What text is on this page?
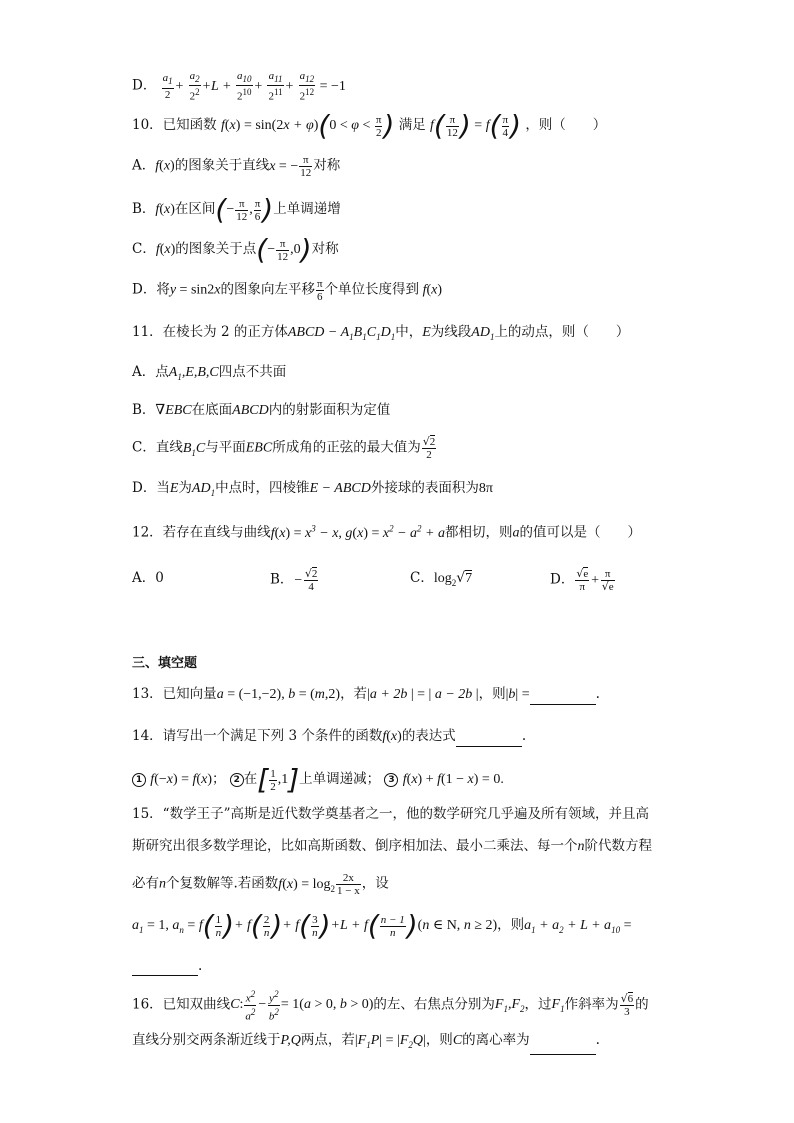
D． $\frac{a_1}{2} + \frac{a_2}{2^2} +L + \frac{a_{10}}{2^{10}} + \frac{a_{11}}{2^{11}} + \frac{a_{12}}{2^{12}} = -1$
10．已知函数 $f(x) = \sin(2x + \varphi)(0 < \varphi < \frac{\pi}{2}$ ) 满足 $f( \frac{\pi}{12}$ ) = $f( \frac{\pi}{4}$ ) ，则（　　）
A．f(x)的图象关于直线x = − $\frac{\pi}{12}$ 对称
B．f(x)在区间(− $\frac{\pi}{12}$ , $\frac{\pi}{6}$ )上单调递增
C．f(x)的图象关于点(− $\frac{\pi}{12} ,0$)对称
D．将y = sin2x的图象向左平移 $\frac{\pi}{6}$ 个单位长度得到 f(x)
11．在棱长为 2 的正方体ABCD − $A_1B_1C_1D_1$中，E为线段$AD_1$上的动点，则（　　）
A．点$A_1,E,B,C$四点不共面
B．∇EBC在底面ABCD内的射影面积为定值
C．直线$B_1C$与平面EBC所成角的正弦的最大值为 $\frac{√2}{2}$
D．当E为$AD_1$中点时，四棱锥E − ABCD外接球的表面积为8π
12．若存在直线与曲线$f(x) = x^3 - x$, $g(x) = x^2 - a^2 + a$都相切，则a的值可以是（　　）
A．0	B．− $\frac{√2}{4}$	C．$\log_2√7$	D． $\frac{√e}{\pi} + \frac{\pi}{√e}$
三、填空题
13．已知向量a = (−1,−2), b = (m,2)，若|a + 2b | = | a − 2b |，则|b| =	.
14．请写出一个满足下列 3 个条件的函数f(x)的表达式	.
1 f(−x) = f(x)； 2 在[ $\frac{1}{2} ,1$]上单调递减； 3 f(x) + f(1 − x) = 0.
15．“数学王子”高斯是近代数学奠基者之一，他的数学研究几乎遍及所有领域，并且高
斯研究出很多数学理论，比如高斯函数、倒序相加法、最小二乘法、每一个n阶代数方程
必有n个复数解等.若函数$f(x) = \log_2 \frac{2x}{1 - x}$ ，设
$a_1 = 1$, $a_n = f( \frac{1}{n}$ )+ $f( \frac{2}{n}$ )+ $f( \frac{3}{n} )+L + f( \frac{n - 1}{n} )(n$ ∈ N, n ≥ 2)，则$a_1 + a_2 + L + a_{10}$ =
.
16．已知双曲线C: $\frac{x^2}{a^2} - \frac{y^2}{b^2} = 1(a > 0$, b > 0)的左、右焦点分别为$F_1,F_2$，过$F_1$作斜率为 $\frac{√6}{3}$ 的
直线分别交两条渐近线于P,Q两点，若$|F_1P| = |F_2Q|$，则C的离心率为	.
